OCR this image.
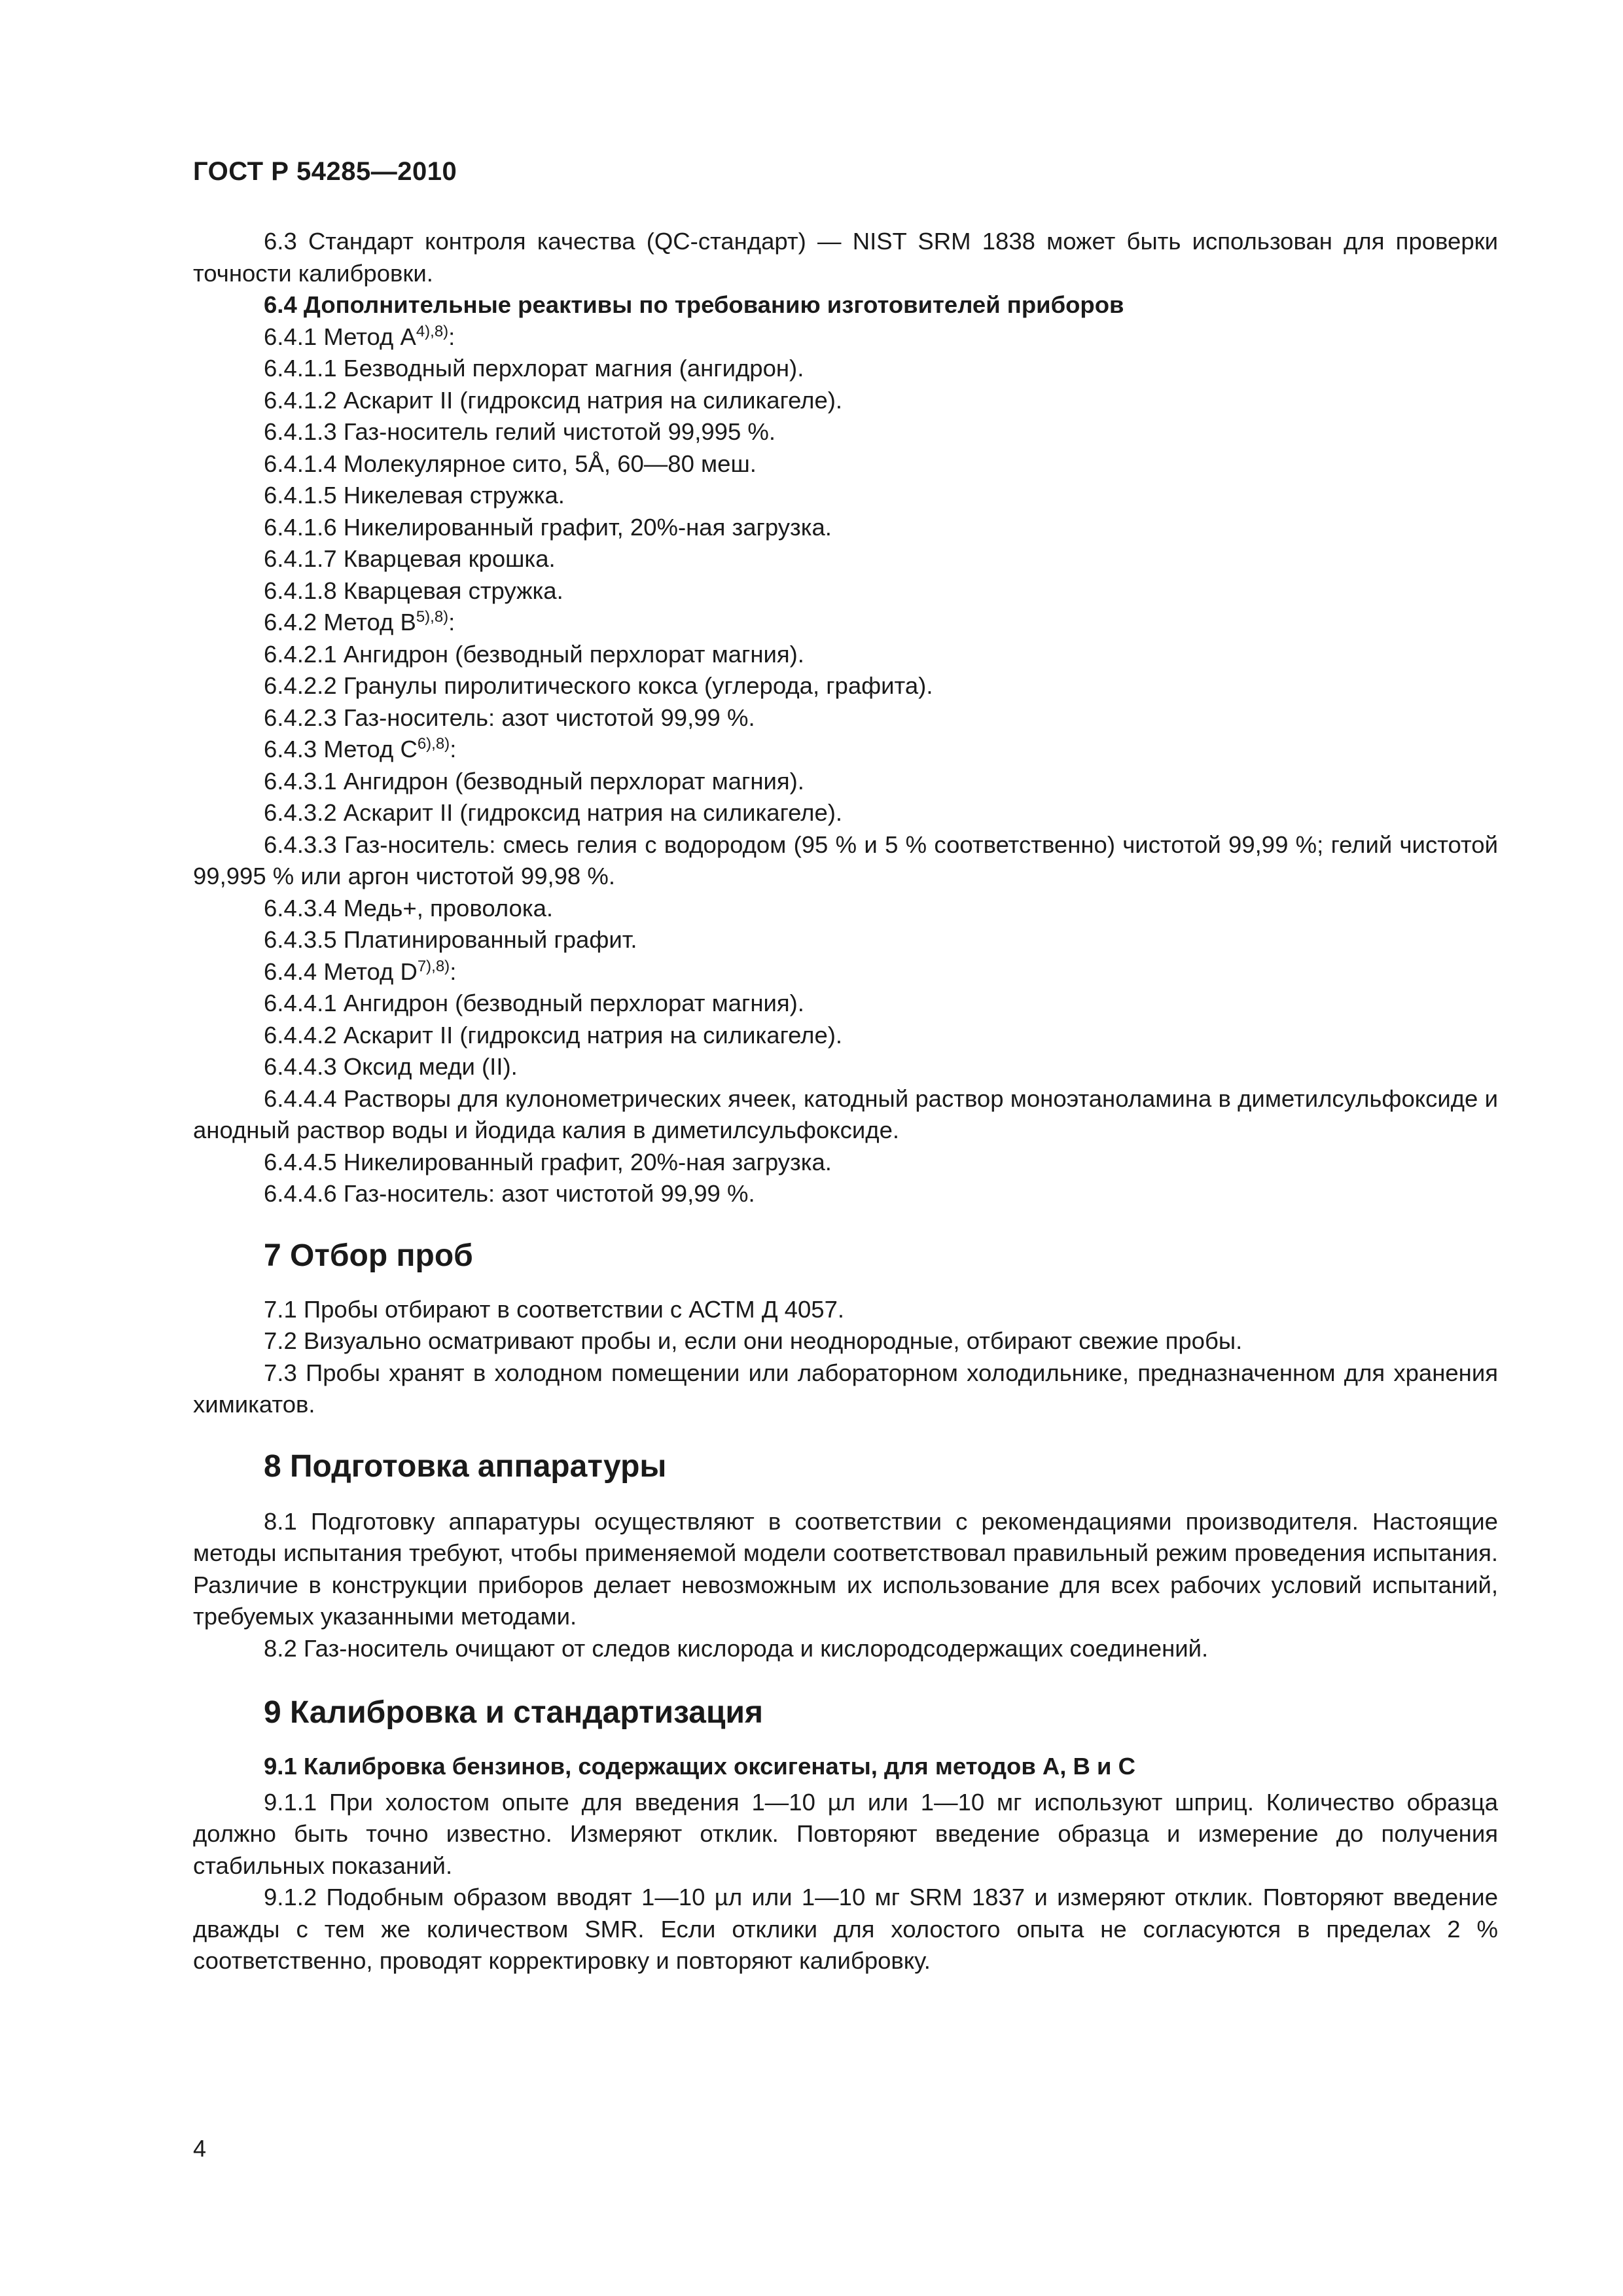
ГОСТ Р 54285—2010

6.3 Стандарт контроля качества (QC-стандарт) — NIST SRM 1838 может быть использован для проверки точности калибровки.

6.4 Дополнительные реактивы по требованию изготовителей приборов

6.4.1 Метод $А^{4),8)}$:

6.4.1.1 Безводный перхлорат магния (ангидрон).

6.4.1.2 Аскарит II (гидроксид натрия на силикагеле).

6.4.1.3 Газ-носитель гелий чистотой 99,995 %.

6.4.1.4 Молекулярное сито, 5Å, 60—80 меш.

6.4.1.5 Никелевая стружка.

6.4.1.6 Никелированный графит, 20%-ная загрузка.

6.4.1.7 Кварцевая крошка.

6.4.1.8 Кварцевая стружка.

6.4.2 Метод $В^{5),8)}$:

6.4.2.1 Ангидрон (безводный перхлорат магния).

6.4.2.2 Гранулы пиролитического кокса (углерода, графита).

6.4.2.3 Газ-носитель: азот чистотой 99,99 %.

6.4.3 Метод $С^{6),8)}$:

6.4.3.1 Ангидрон (безводный перхлорат магния).

6.4.3.2 Аскарит II (гидроксид натрия на силикагеле).

6.4.3.3 Газ-носитель: смесь гелия с водородом (95 % и 5 % соответственно) чистотой 99,99 %; гелий чистотой 99,995 % или аргон чистотой 99,98 %.

6.4.3.4 Медь+, проволока.

6.4.3.5 Платинированный графит.

6.4.4 Метод $D^{7),8)}$:

6.4.4.1 Ангидрон (безводный перхлорат магния).

6.4.4.2 Аскарит II (гидроксид натрия на силикагеле).

6.4.4.3 Оксид меди (II).

6.4.4.4 Растворы для кулонометрических ячеек, катодный раствор моноэтаноламина в диметилсульфоксиде и анодный раствор воды и йодида калия в диметилсульфоксиде.

6.4.4.5 Никелированный графит, 20%-ная загрузка.

6.4.4.6 Газ-носитель: азот чистотой 99,99 %.

7 Отбор проб

7.1 Пробы отбирают в соответствии с АСТМ Д 4057.

7.2 Визуально осматривают пробы и, если они неоднородные, отбирают свежие пробы.

7.3 Пробы хранят в холодном помещении или лабораторном холодильнике, предназначенном для хранения химикатов.

8 Подготовка аппаратуры

8.1 Подготовку аппаратуры осуществляют в соответствии с рекомендациями производителя. Настоящие методы испытания требуют, чтобы применяемой модели соответствовал правильный режим проведения испытания. Различие в конструкции приборов делает невозможным их использование для всех рабочих условий испытаний, требуемых указанными методами.

8.2 Газ-носитель очищают от следов кислорода и кислородсодержащих соединений.

9 Калибровка и стандартизация

9.1 Калибровка бензинов, содержащих оксигенаты, для методов А, В и С

9.1.1 При холостом опыте для введения 1—10 µл или 1—10 мг используют шприц. Количество образца должно быть точно известно. Измеряют отклик. Повторяют введение образца и измерение до получения стабильных показаний.

9.1.2 Подобным образом вводят 1—10 µл или 1—10 мг SRM 1837 и измеряют отклик. Повторяют введение дважды с тем же количеством SMR. Если отклики для холостого опыта не согласуются в пределах 2 % соответственно, проводят корректировку и повторяют калибровку.

4
